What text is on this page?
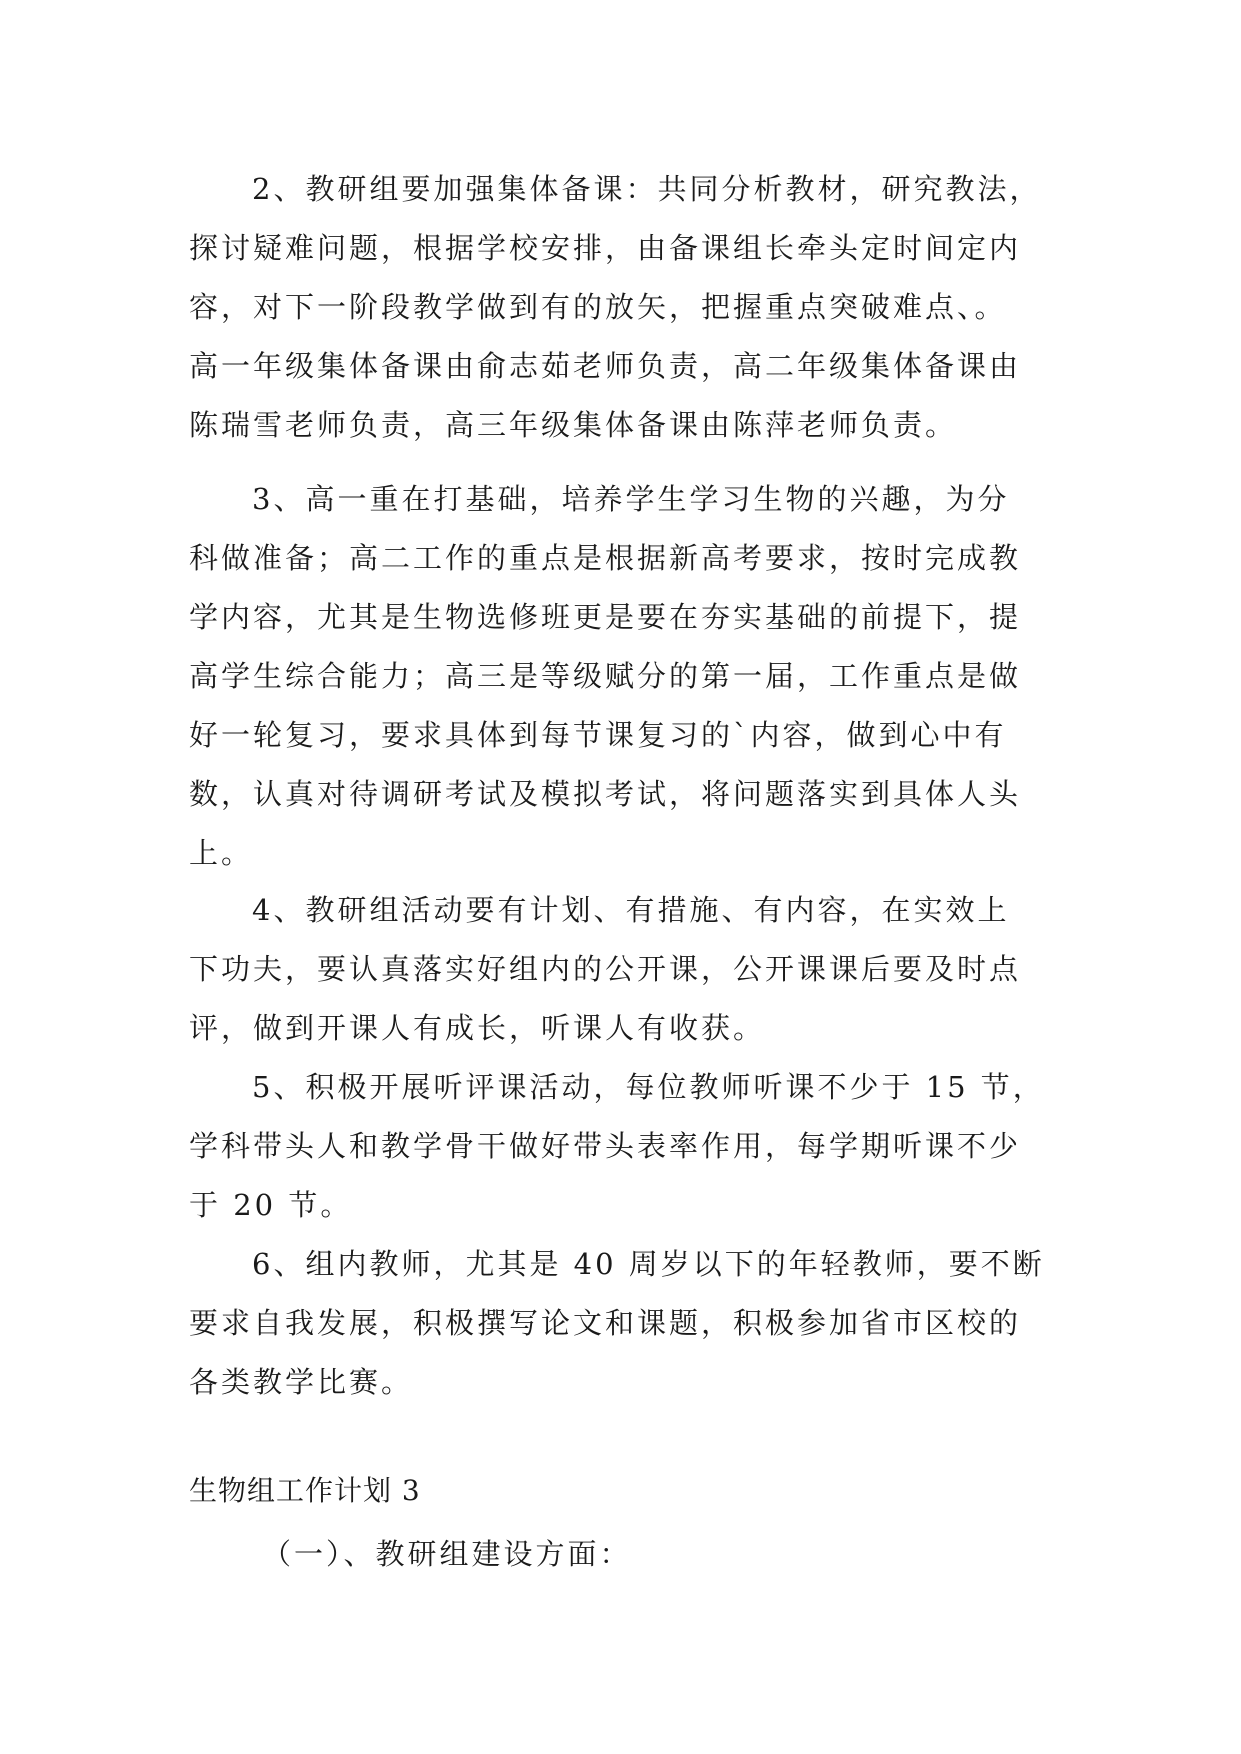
2、教研组要加强集体备课：共同分析教材，研究教法，
探讨疑难问题，根据学校安排，由备课组长牵头定时间定内
容，对下一阶段教学做到有的放矢，把握重点突破难点、。
高一年级集体备课由俞志茹老师负责，高二年级集体备课由
陈瑞雪老师负责，高三年级集体备课由陈萍老师负责。
3、高一重在打基础，培养学生学习生物的兴趣，为分
科做准备；高二工作的重点是根据新高考要求，按时完成教
学内容，尤其是生物选修班更是要在夯实基础的前提下，提
高学生综合能力；高三是等级赋分的第一届，工作重点是做
好一轮复习，要求具体到每节课复习的`内容，做到心中有
数，认真对待调研考试及模拟考试，将问题落实到具体人头
上。
4、教研组活动要有计划、有措施、有内容，在实效上
下功夫，要认真落实好组内的公开课，公开课课后要及时点
评，做到开课人有成长，听课人有收获。
5、积极开展听评课活动，每位教师听课不少于 15 节，
学科带头人和教学骨干做好带头表率作用，每学期听课不少
于 20 节。
6、组内教师，尤其是 40 周岁以下的年轻教师，要不断
要求自我发展，积极撰写论文和课题，积极参加省市区校的
各类教学比赛。
生物组工作计划 3
（一）、教研组建设方面：
